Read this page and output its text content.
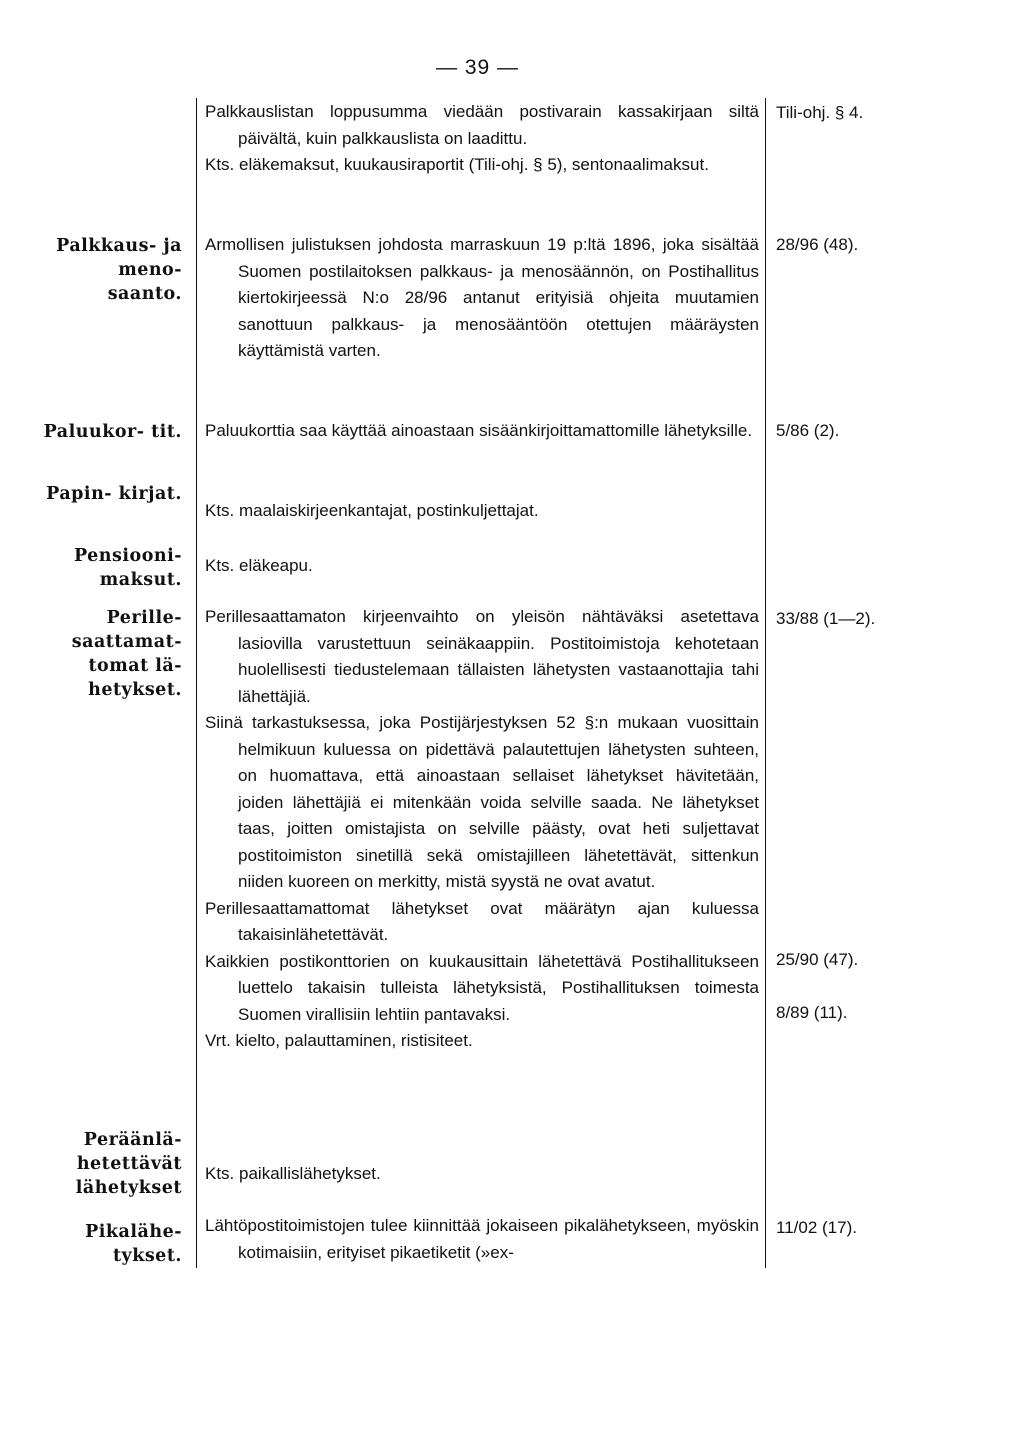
— 39 —

Palkkauslistan loppusumma viedään postivarain kassakirjaan siltä päivältä, kuin palkkauslista on laadittu.

Kts. eläkemaksut, kuukausiraportit (Tili-ohj. § 5), sentonaalimaksut.

Tili-ohj. § 4.
Palkkaus- ja meno- saanto.

Armollisen julistuksen johdosta marraskuun 19 p:ltä 1896, joka sisältää Suomen postilaitoksen palkkaus- ja menosäännön, on Postihallitus kiertokirjeessä N:o 28/96 antanut erityisiä ohjeita muutamien sanottuun palkkaus- ja menosääntöön otettujen määräysten käyttämistä varten.

28/96 (48).
Paluukor- tit. Paluukorttia saa käyttää ainoastaan sisäänkirjoittamattomille lähetyksille.	5/86 (2).
Papin- kirjat.

Kts. maalaiskirjeenkantajat, postinkuljettajat.

Pensiooni- maksut.

Kts. eläkeapu.

Perille- saattamat- tomat lä- hetykset.

Perillesaattamaton kirjeenvaihto on yleisön nähtäväksi asetettava lasiovilla varustettuun seinäkaappiin. Postitoimistoja kehotetaan huolellisesti tiedustelemaan tällaisten lähetysten vastaanottajia tahi lähettäjiä.

Siinä tarkastuksessa, joka Postijärjestyksen 52 §:n mukaan vuosittain helmikuun kuluessa on pidettävä palautettujen lähetysten suhteen, on huomattava, että ainoastaan sellaiset lähetykset hävitetään, joiden lähettäjiä ei mitenkään voida selville saada. Ne lähetykset taas, joitten omistajista on selville päästy, ovat heti suljettavat postitoimiston sinetillä sekä omistajilleen lähetettävät, sittenkun niiden kuoreen on merkitty, mistä syystä ne ovat avatut.

Perillesaattamattomat lähetykset ovat määrätyn ajan kuluessa takaisinlähetettävät.

Kaikkien postikonttorien on kuukausittain lähetettävä Postihallitukseen luettelo takaisin tulleista lähetyksistä, Postihallituksen toimesta Suomen virallisiin lehtiin pantavaksi.

Vrt. kielto, palauttaminen, ristisiteet.

33/88 (1—2).
25/90 (47).
8/89 (11).
Peräänlä- hetettävät lähetykset

Kts. paikallislähetykset.

Pikalähe- tykset.

Lähtöpostitoimistojen tulee kiinnittää jokaiseen pikalähetykseen, myöskin kotimaisiin, erityiset pikaetiketit (»ex-

11/02 (17).
